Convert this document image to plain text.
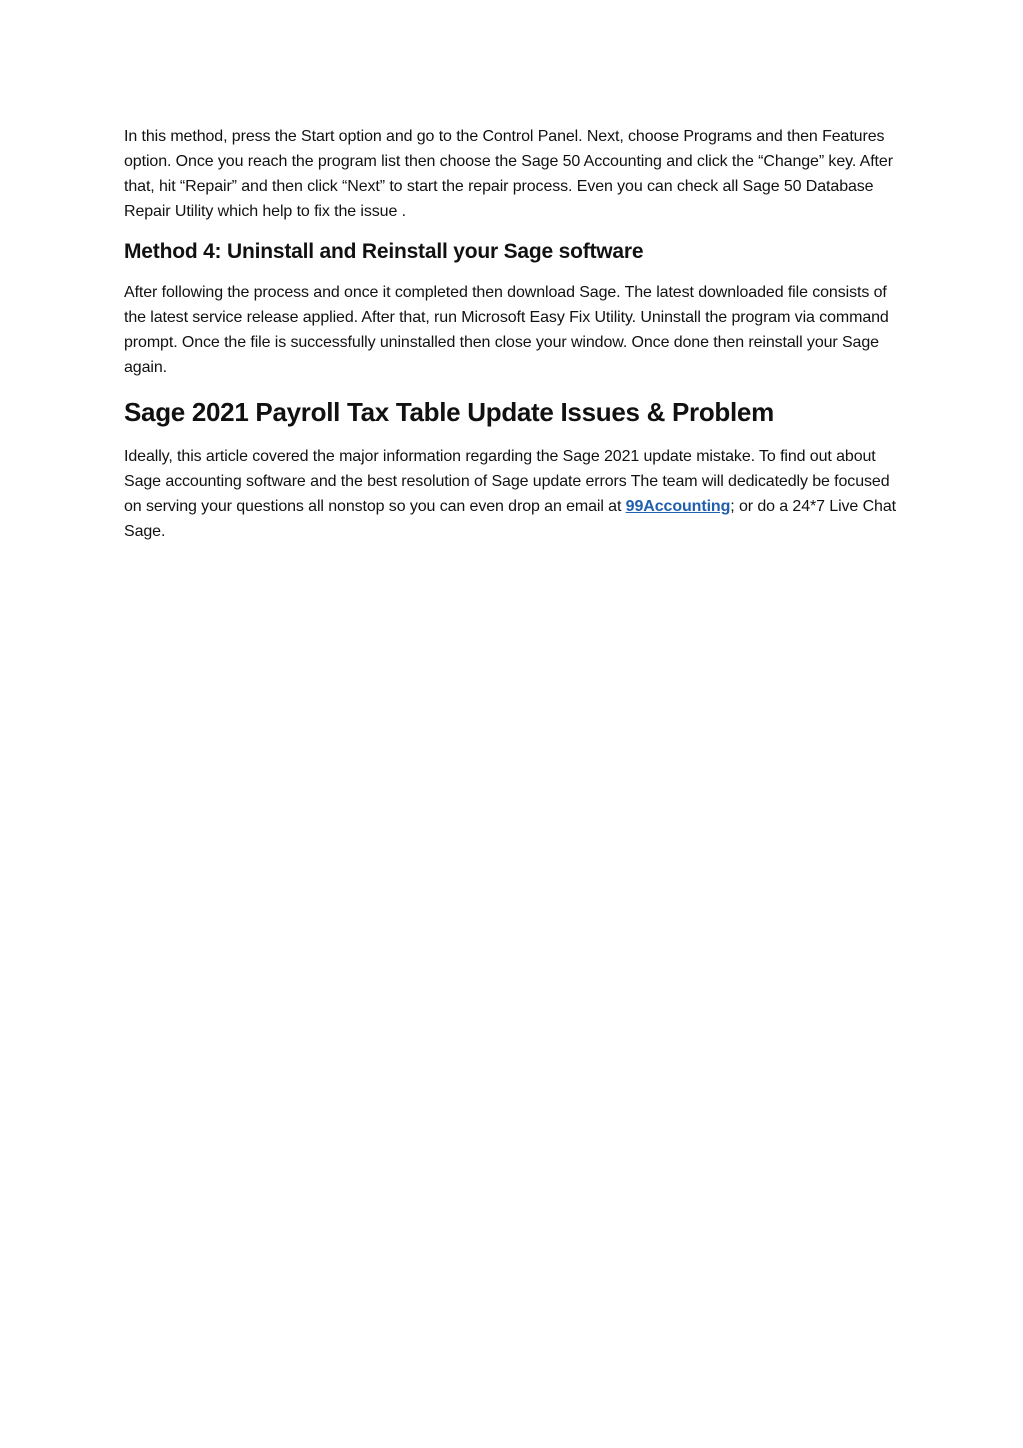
In this method, press the Start option and go to the Control Panel. Next, choose Programs and then Features option. Once you reach the program list then choose the Sage 50 Accounting and click the “Change” key. After that, hit “Repair” and then click “Next” to start the repair process. Even you can check all Sage 50 Database Repair Utility which help to fix the issue .

Method 4: Uninstall and Reinstall your Sage software

After following the process and once it completed then download Sage. The latest downloaded file consists of the latest service release applied. After that, run Microsoft Easy Fix Utility. Uninstall the program via command prompt. Once the file is successfully uninstalled then close your window. Once done then reinstall your Sage again.

Sage 2021 Payroll Tax Table Update Issues & Problem

Ideally, this article covered the major information regarding the Sage 2021 update mistake. To find out about Sage accounting software and the best resolution of Sage update errors The team will dedicatedly be focused on serving your questions all nonstop so you can even drop an email at 99Accounting; or do a 24*7 Live Chat Sage.
